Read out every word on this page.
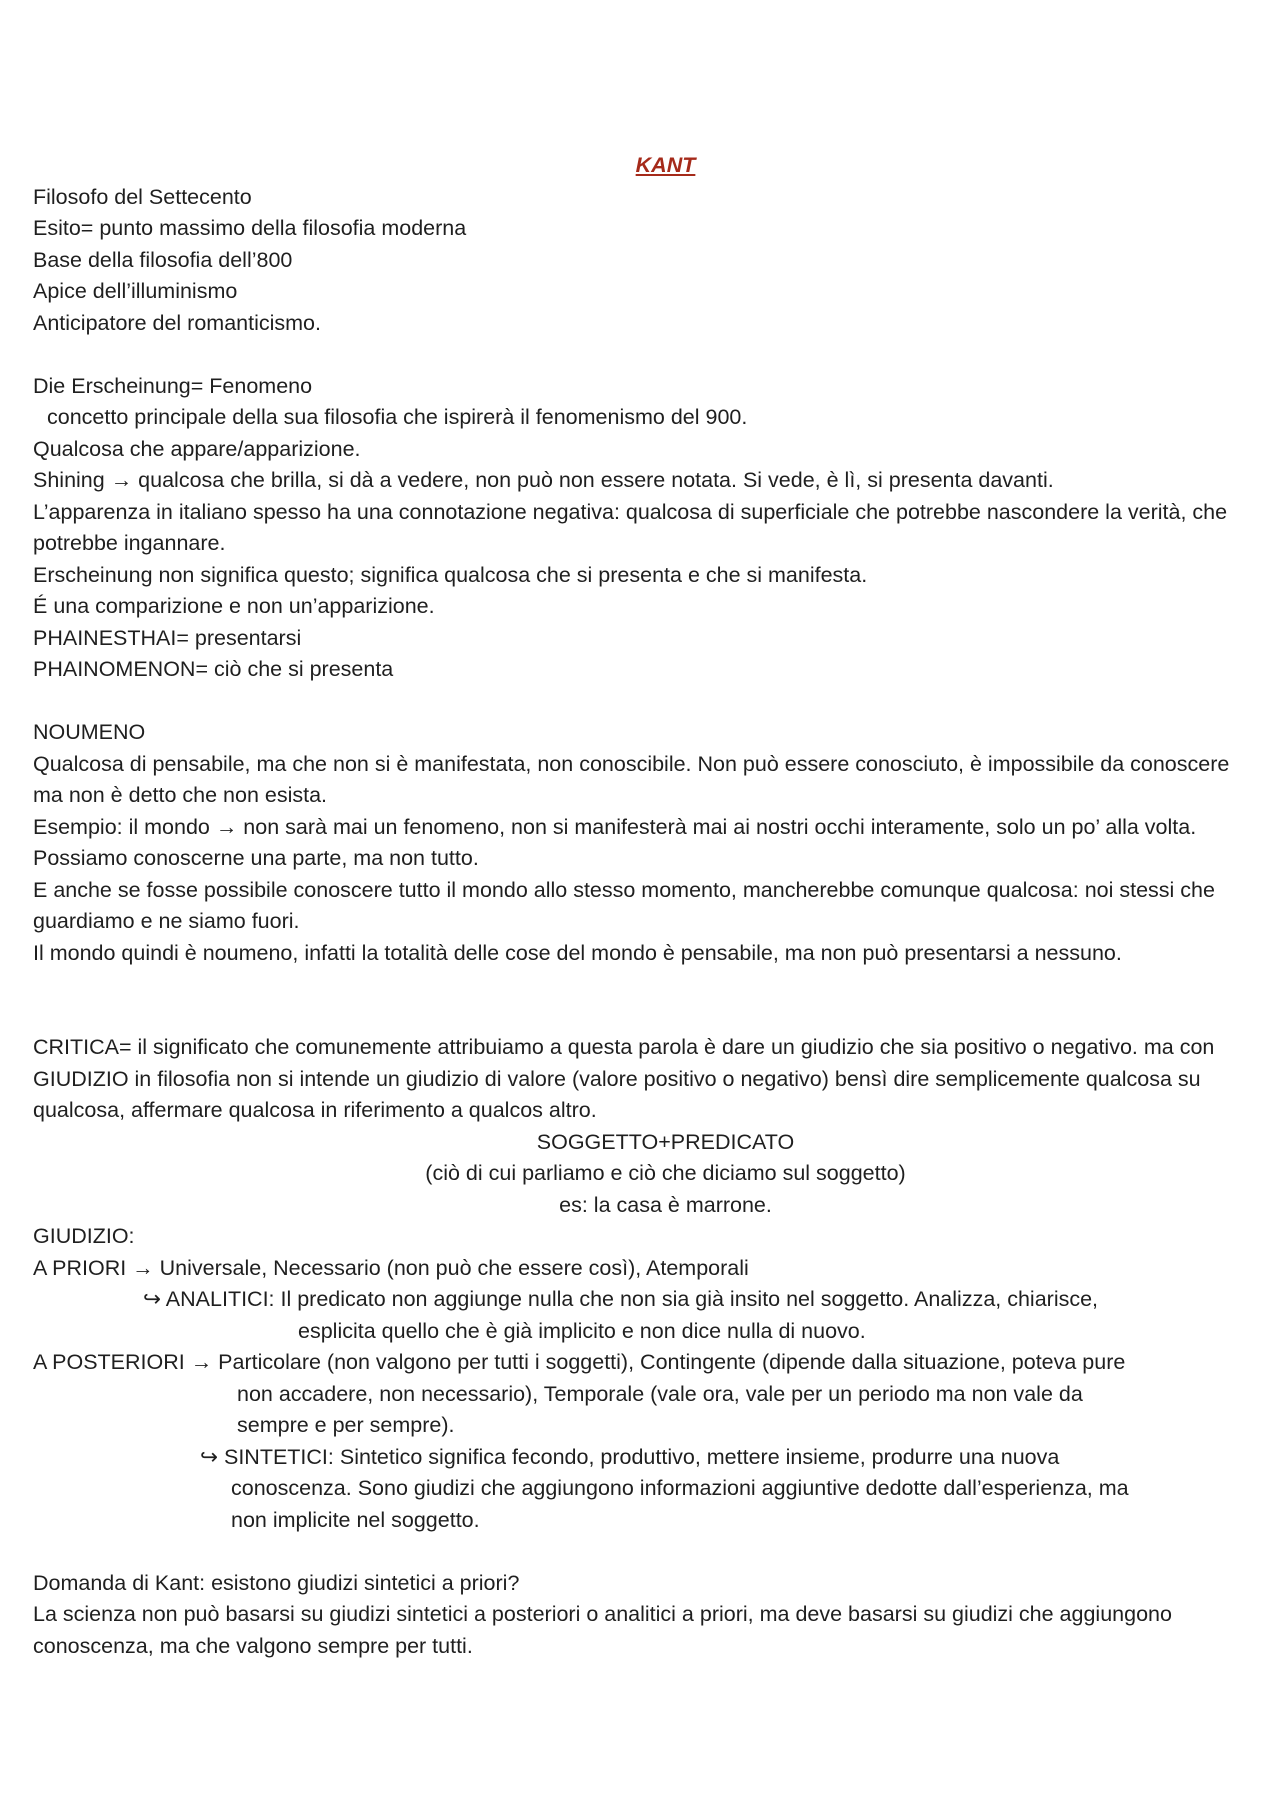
KANT
Filosofo del Settecento
Esito= punto massimo della filosofia moderna
Base della filosofia dell’800
Apice dell’illuminismo
Anticipatore del romanticismo.
Die Erscheinung= Fenomeno
concetto principale della sua filosofia che ispirerà il fenomenismo del 900.
Qualcosa che appare/apparizione.
Shining → qualcosa che brilla, si dà a vedere, non può non essere notata. Si vede, è lì, si presenta davanti.
L’apparenza in italiano spesso ha una connotazione negativa: qualcosa di superficiale che potrebbe nascondere la verità, che potrebbe ingannare.
Erscheinung non significa questo; significa qualcosa che si presenta e che si manifesta.
É una comparizione e non un’apparizione.
PHAINESTHAI= presentarsi
PHAINOMENON= ciò che si presenta
NOUMENO
Qualcosa di pensabile, ma che non si è manifestata, non conoscibile. Non può essere conosciuto, è impossibile da conoscere ma non è detto che non esista.
Esempio: il mondo → non sarà mai un fenomeno, non si manifesterà mai ai nostri occhi interamente, solo un po’ alla volta. Possiamo conoscerne una parte, ma non tutto.
E anche se fosse possibile conoscere tutto il mondo allo stesso momento, mancherebbe comunque qualcosa: noi stessi che guardiamo e ne siamo fuori.
Il mondo quindi è noumeno, infatti la totalità delle cose del mondo è pensabile, ma non può presentarsi a nessuno.
CRITICA= il significato che comunemente attribuiamo a questa parola è dare un giudizio che sia positivo o negativo. ma con GIUDIZIO in filosofia non si intende un giudizio di valore (valore positivo o negativo) bensì dire semplicemente qualcosa su qualcosa, affermare qualcosa in riferimento a qualcos altro.
SOGGETTO+PREDICATO
(ciò di cui parliamo e ciò che diciamo sul soggetto)
es: la casa è marrone.
GIUDIZIO:
A PRIORI → Universale, Necessario (non può che essere così), Atemporali
↪ ANALITICI: Il predicato non aggiunge nulla che non sia già insito nel soggetto. Analizza, chiarisce,
esplicita quello che è già implicito e non dice nulla di nuovo.
A POSTERIORI → Particolare (non valgono per tutti i soggetti), Contingente (dipende dalla situazione, poteva pure
non accadere, non necessario), Temporale (vale ora, vale per un periodo ma non vale da
sempre e per sempre).
↪ SINTETICI: Sintetico significa fecondo, produttivo, mettere insieme, produrre una nuova
conoscenza. Sono giudizi che aggiungono informazioni aggiuntive dedotte dall’esperienza, ma
non implicite nel soggetto.
Domanda di Kant: esistono giudizi sintetici a priori?
La scienza non può basarsi su giudizi sintetici a posteriori o analitici a priori, ma deve basarsi su giudizi che aggiungono conoscenza, ma che valgono sempre per tutti.
